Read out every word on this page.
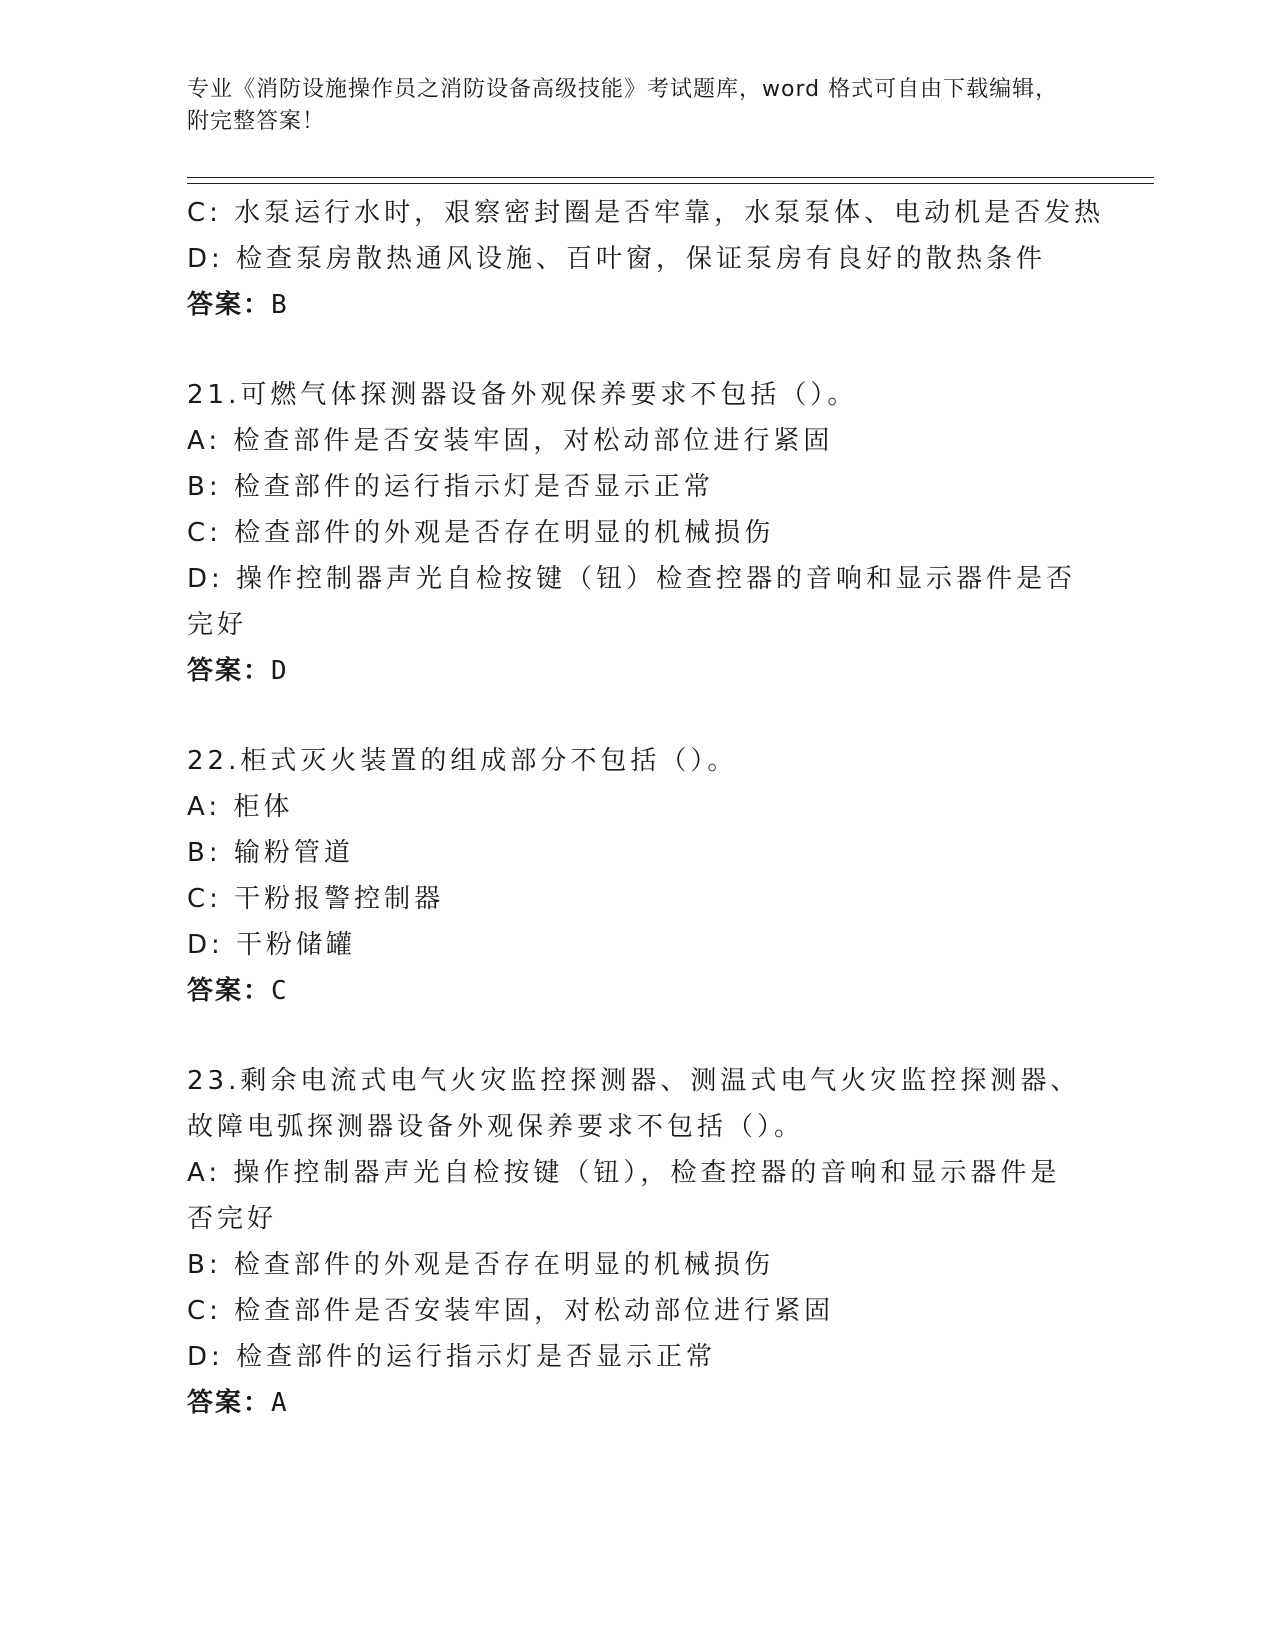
专业《消防设施操作员之消防设备高级技能》考试题库，word 格式可自由下载编辑，附完整答案！
C: 水泵运行水时，艰察密封圈是否牢靠，水泵泵体、电动机是否发热
D: 检查泵房散热通风设施、百叶窗，保证泵房有良好的散热条件
答案：B
21.可燃气体探测器设备外观保养要求不包括（）。
A: 检查部件是否安装牢固，对松动部位进行紧固
B: 检查部件的运行指示灯是否显示正常
C: 检查部件的外观是否存在明显的机械损伤
D: 操作控制器声光自检按键（钮）检查控器的音响和显示器件是否完好
答案：D
22.柜式灭火装置的组成部分不包括（）。
A: 柜体
B: 输粉管道
C: 干粉报警控制器
D: 干粉储罐
答案：C
23.剩余电流式电气火灾监控探测器、测温式电气火灾监控探测器、故障电弧探测器设备外观保养要求不包括（）。
A: 操作控制器声光自检按键（钮），检查控器的音响和显示器件是否完好
B: 检查部件的外观是否存在明显的机械损伤
C: 检查部件是否安装牢固，对松动部位进行紧固
D: 检查部件的运行指示灯是否显示正常
答案：A
